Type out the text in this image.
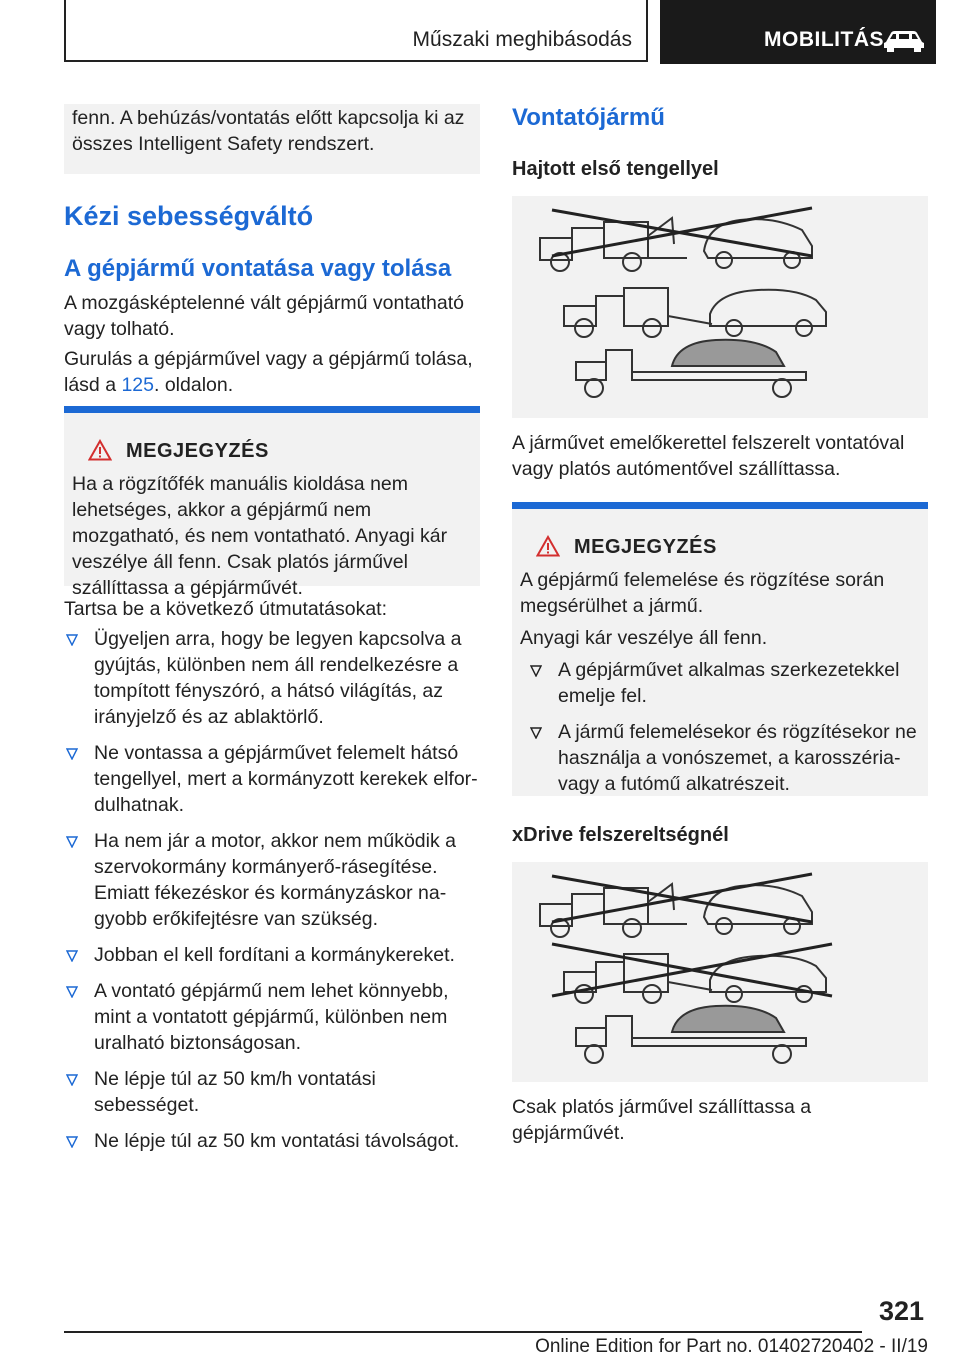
Műszaki meghibásodás	MOBILITÁS

fenn. A behúzás/vontatás előtt kapcsolja ki az összes Intelligent Safety rendszert.

Kézi sebességváltó
A gépjármű vontatása vagy tolása

A mozgásképtelenné vált gépjármű vontatható vagy tolható.

Gurulás a gépjárművel vagy a gépjármű tolása, lásd a 125. oldalon.

MEGJEGYZÉS

Ha a rögzítőfék manuális kioldása nem lehetséges, akkor a gépjármű nem mozgatható, és nem vontatható. Anyagi kár veszélye áll fenn. Csak platós járművel szállíttassa a gépjárművét.

Tartsa be a következő útmutatásokat:

Ügyeljen arra, hogy be legyen kapcsolva a gyújtás, különben nem áll rendelkezésre a tompított fényszóró, a hátsó világítás, az irányjelző és az ablaktörlő.
Ne vontassa a gépjárművet felemelt hátsó tengellyel, mert a kormányzott kerekek elfordulhatnak.
Ha nem jár a motor, akkor nem működik a szervokormány kormányerő-rásegítése. Emiatt fékezéskor és kormányzáskor nagyobb erőkifejtésre van szükség.
Jobban el kell fordítani a kormánykereket.
A vontató gépjármű nem lehet könnyebb, mint a vontatott gépjármű, különben nem uralható biztonságosan.
Ne lépje túl az 50 km/h vontatási sebességet.
Ne lépje túl az 50 km vontatási távolságot.
Vontatójármű
Hajtott első tengellyel

A járművet emelőkerettel felszerelt vontatóval vagy platós autómentővel szállíttassa.

MEGJEGYZÉS

A gépjármű felemelése és rögzítése során megsérülhet a jármű.

Anyagi kár veszélye áll fenn.

A gépjárművet alkalmas szerkezetekkel emelje fel.
A jármű felemelésekor és rögzítésekor ne használja a vonószemet, a karosszéria- vagy a futómű alkatrészeit.
xDrive felszereltségnél

Csak platós járművel szállíttassa a gépjárművét.

321
Online Edition for Part no. 01402720402 - II/19
